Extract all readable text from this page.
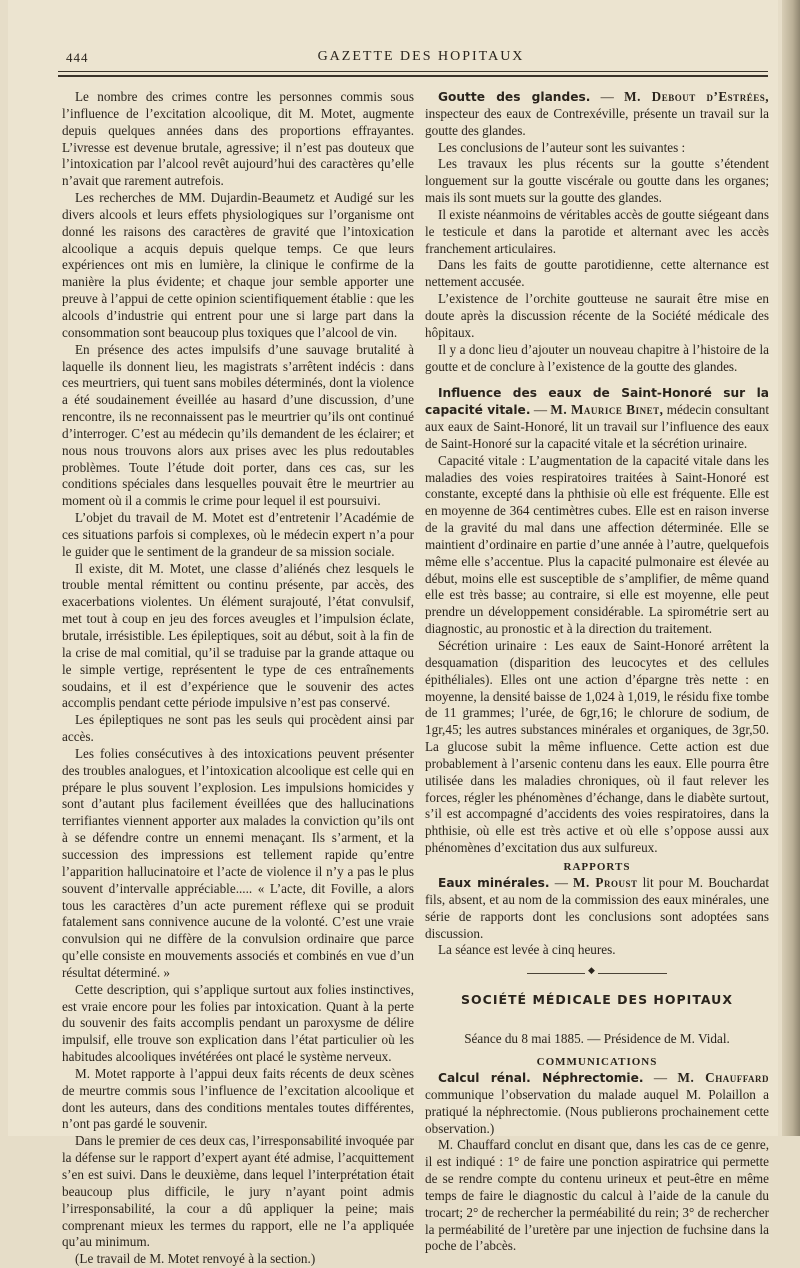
444	GAZETTE DES HOPITAUX

Le nombre des crimes contre les personnes commis sous l’influence de l’excitation alcoolique, dit M. Motet, augmente depuis quelques années dans des proportions effrayantes. L’ivresse est devenue brutale, agressive; il n’est pas douteux que l’intoxication par l’alcool revêt aujourd’hui des caractères qu’elle n’avait que rarement autrefois.

Les recherches de MM. Dujardin-Beaumetz et Audigé sur les divers alcools et leurs effets physiologiques sur l’organisme ont donné les raisons des caractères de gravité que l’intoxication alcoolique a acquis depuis quelque temps. Ce que leurs expériences ont mis en lumière, la clinique le confirme de la manière la plus évidente; et chaque jour semble apporter une preuve à l’appui de cette opinion scientifiquement établie : que les alcools d’industrie qui entrent pour une si large part dans la consommation sont beaucoup plus toxiques que l’alcool de vin.

En présence des actes impulsifs d’une sauvage brutalité à laquelle ils donnent lieu, les magistrats s’arrêtent indécis : dans ces meurtriers, qui tuent sans mobiles déterminés, dont la violence a été soudainement éveillée au hasard d’une discussion, d’une rencontre, ils ne reconnaissent pas le meurtrier qu’ils ont continué d’interroger. C’est au médecin qu’ils demandent de les éclairer; et nous nous trouvons alors aux prises avec les plus redoutables problèmes. Toute l’étude doit porter, dans ces cas, sur les conditions spéciales dans lesquelles pouvait être le meurtrier au moment où il a commis le crime pour lequel il est poursuivi.

L’objet du travail de M. Motet est d’entretenir l’Académie de ces situations parfois si complexes, où le médecin expert n’a pour le guider que le sentiment de la grandeur de sa mission sociale.

Il existe, dit M. Motet, une classe d’aliénés chez lesquels le trouble mental rémittent ou continu présente, par accès, des exacerbations violentes. Un élément surajouté, l’état convulsif, met tout à coup en jeu des forces aveugles et l’impulsion éclate, brutale, irrésistible. Les épileptiques, soit au début, soit à la fin de la crise de mal comitial, qu’il se traduise par la grande attaque ou le simple vertige, représentent le type de ces entraînements soudains, et il est d’expérience que le souvenir des actes accomplis pendant cette période impulsive n’est pas conservé.

Les épileptiques ne sont pas les seuls qui procèdent ainsi par accès.

Les folies consécutives à des intoxications peuvent présenter des troubles analogues, et l’intoxication alcoolique est celle qui en prépare le plus souvent l’explosion. Les impulsions homicides y sont d’autant plus facilement éveillées que des hallucinations terrifiantes viennent apporter aux malades la conviction qu’ils ont à se défendre contre un ennemi menaçant. Ils s’arment, et la succession des impressions est tellement rapide qu’entre l’apparition hallucinatoire et l’acte de violence il n’y a pas le plus souvent d’intervalle appréciable..... « L’acte, dit Foville, a alors tous les caractères d’un acte purement réflexe qui se produit fatalement sans connivence aucune de la volonté. C’est une vraie convulsion qui ne diffère de la convulsion ordinaire que parce qu’elle consiste en mouvements associés et combinés en vue d’un résultat déterminé. »

Cette description, qui s’applique surtout aux folies instinctives, est vraie encore pour les folies par intoxication. Quant à la perte du souvenir des faits accomplis pendant un paroxysme de délire impulsif, elle trouve son explication dans l’état particulier où les habitudes alcooliques invétérées ont placé le système nerveux.

M. Motet rapporte à l’appui deux faits récents de deux scènes de meurtre commis sous l’influence de l’excitation alcoolique et dont les auteurs, dans des conditions mentales toutes différentes, n’ont pas gardé le souvenir.

Dans le premier de ces deux cas, l’irresponsabilité invoquée par la défense sur le rapport d’expert ayant été admise, l’acquittement s’en est suivi. Dans le deuxième, dans lequel l’interprétation était beaucoup plus difficile, le jury n’ayant point admis l’irresponsabilité, la cour a dû appliquer la peine; mais comprenant mieux les termes du rapport, elle ne l’a appliquée qu’au minimum.

(Le travail de M. Motet renvoyé à la section.)

Goutte des glandes. — M. Debout d’Estrées, inspecteur des eaux de Contrexéville, présente un travail sur la goutte des glandes.

Les conclusions de l’auteur sont les suivantes :

Les travaux les plus récents sur la goutte s’étendent longuement sur la goutte viscérale ou goutte dans les organes; mais ils sont muets sur la goutte des glandes.

Il existe néanmoins de véritables accès de goutte siégeant dans le testicule et dans la parotide et alternant avec les accès franchement articulaires.

Dans les faits de goutte parotidienne, cette alternance est nettement accusée.

L’existence de l’orchite goutteuse ne saurait être mise en doute après la discussion récente de la Société médicale des hôpitaux.

Il y a donc lieu d’ajouter un nouveau chapitre à l’histoire de la goutte et de conclure à l’existence de la goutte des glandes.

Influence des eaux de Saint-Honoré sur la capacité vitale. — M. Maurice Binet, médecin consultant aux eaux de Saint-Honoré, lit un travail sur l’influence des eaux de Saint-Honoré sur la capacité vitale et la sécrétion urinaire.

Capacité vitale : L’augmentation de la capacité vitale dans les maladies des voies respiratoires traitées à Saint-Honoré est constante, excepté dans la phthisie où elle est fréquente. Elle est en moyenne de 364 centimètres cubes. Elle est en raison inverse de la gravité du mal dans une affection déterminée. Elle se maintient d’ordinaire en partie d’une année à l’autre, quelquefois même elle s’accentue. Plus la capacité pulmonaire est élevée au début, moins elle est susceptible de s’amplifier, de même quand elle est très basse; au contraire, si elle est moyenne, elle peut prendre un développement considérable. La spirométrie sert au diagnostic, au pronostic et à la direction du traitement.

Sécrétion urinaire : Les eaux de Saint-Honoré arrêtent la desquamation (disparition des leucocytes et des cellules épithéliales). Elles ont une action d’épargne très nette : en moyenne, la densité baisse de 1,024 à 1,019, le résidu fixe tombe de 11 grammes; l’urée, de 6gr,16; le chlorure de sodium, de 1gr,45; les autres substances minérales et organiques, de 3gr,50. La glucose subit la même influence. Cette action est due probablement à l’arsenic contenu dans les eaux. Elle pourra être utilisée dans les maladies chroniques, où il faut relever les forces, régler les phénomènes d’échange, dans le diabète surtout, s’il est accompagné d’accidents des voies respiratoires, dans la phthisie, où elle est très active et où elle s’oppose aussi aux phénomènes d’excitation dus aux sulfureux.

RAPPORTS

Eaux minérales. — M. Proust lit pour M. Bouchardat fils, absent, et au nom de la commission des eaux minérales, une série de rapports dont les conclusions sont adoptées sans discussion.

La séance est levée à cinq heures.

◆
SOCIÉTÉ MÉDICALE DES HOPITAUX

Séance du 8 mai 1885. — Présidence de M. Vidal.

COMMUNICATIONS

Calcul rénal. Néphrectomie. — M. Chauffard communique l’observation du malade auquel M. Polaillon a pratiqué la néphrectomie. (Nous publierons prochainement cette observation.)

M. Chauffard conclut en disant que, dans les cas de ce genre, il est indiqué : 1° de faire une ponction aspiratrice qui permette de se rendre compte du contenu urineux et peut-être en même temps de faire le diagnostic du calcul à l’aide de la canule du trocart; 2° de rechercher la perméabilité du rein; 3° de rechercher la perméabilité de l’uretère par une injection de fuchsine dans la poche de l’abcès.
